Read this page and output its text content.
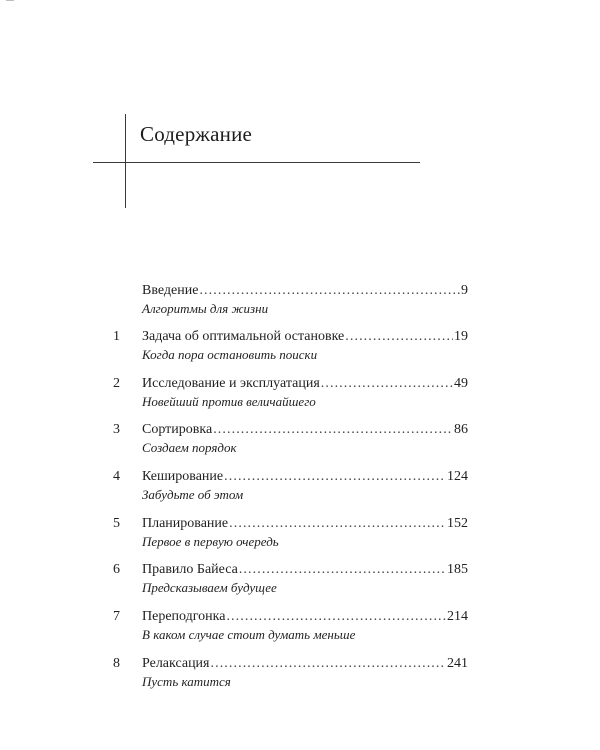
Содержание
Введение . . .	9
Алгоритмы для жизни
1 Задача об оптимальной остановке . . .	19
Когда пора остановить поиски
2 Исследование и эксплуатация . . .	49
Новейший против величайшего
3 Сортировка . . .	86
Создаем порядок
4 Кеширование . . .	124
Забудьте об этом
5 Планирование . . .	152
Первое в первую очередь
6 Правило Байеса . . .	185
Предсказываем будущее
7 Переподгонка . . .	214
В каком случае стоит думать меньше
8 Релаксация . . .	241
Пусть катится
